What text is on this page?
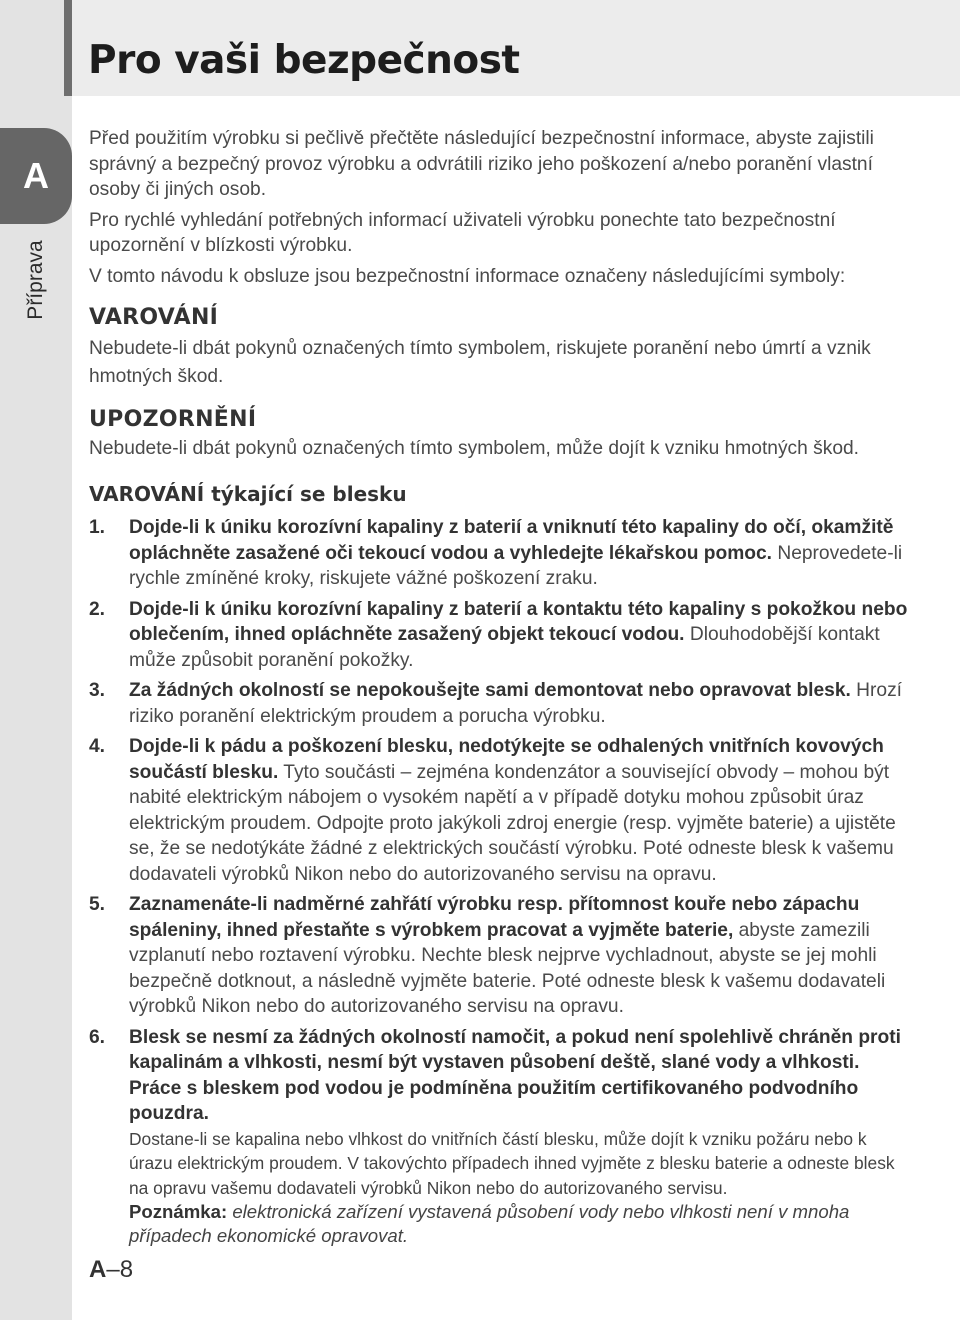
Pro vaši bezpečnost
A
Příprava

Před použitím výrobku si pečlivě přečtěte následující bezpečnostní informace, abyste zajistili správný a bezpečný provoz výrobku a odvrátili riziko jeho poškození a/nebo poranění vlastní osoby či jiných osob.

Pro rychlé vyhledání potřebných informací uživateli výrobku ponechte tato bezpečnostní upozornění v blízkosti výrobku.

V tomto návodu k obsluze jsou bezpečnostní informace označeny následujícími symboly:

VAROVÁNÍ

Nebudete-li dbát pokynů označených tímto symbolem, riskujete poranění nebo úmrtí a vznik hmotných škod.

UPOZORNĚNÍ

Nebudete-li dbát pokynů označených tímto symbolem, může dojít k vzniku hmotných škod.

VAROVÁNÍ týkající se blesku
1. Dojde-li k úniku korozívní kapaliny z baterií a vniknutí této kapaliny do očí, okamžitě opláchněte zasažené oči tekoucí vodou a vyhledejte lékařskou pomoc. Neprovedete-li rychle zmíněné kroky, riskujete vážné poškození zraku.
2. Dojde-li k úniku korozívní kapaliny z baterií a kontaktu této kapaliny s pokožkou nebo oblečením, ihned opláchněte zasažený objekt tekoucí vodou. Dlouhodobější kontakt může způsobit poranění pokožky.
3. Za žádných okolností se nepokoušejte sami demontovat nebo opravovat blesk. Hrozí riziko poranění elektrickým proudem a porucha výrobku.
4. Dojde-li k pádu a poškození blesku, nedotýkejte se odhalených vnitřních kovových součástí blesku. Tyto součásti – zejména kondenzátor a související obvody – mohou být nabité elektrickým nábojem o vysokém napětí a v případě dotyku mohou způsobit úraz elektrickým proudem. Odpojte proto jakýkoli zdroj energie (resp. vyjměte baterie) a ujistěte se, že se nedotýkáte žádné z elektrických součástí výrobku. Poté odneste blesk k vašemu dodavateli výrobků Nikon nebo do autorizovaného servisu na opravu.
5. Zaznamenáte-li nadměrné zahřátí výrobku resp. přítomnost kouře nebo zápachu spáleniny, ihned přestaňte s výrobkem pracovat a vyjměte baterie, abyste zamezili vzplanutí nebo roztavení výrobku. Nechte blesk nejprve vychladnout, abyste se jej mohli bezpečně dotknout, a následně vyjměte baterie. Poté odneste blesk k vašemu dodavateli výrobků Nikon nebo do autorizovaného servisu na opravu.
6. Blesk se nesmí za žádných okolností namočit, a pokud není spolehlivě chráněn proti kapalinám a vlhkosti, nesmí být vystaven působení deště, slané vody a vlhkosti. Práce s bleskem pod vodou je podmíněna použitím certifikovaného podvodního pouzdra.

Dostane-li se kapalina nebo vlhkost do vnitřních částí blesku, může dojít k vzniku požáru nebo k úrazu elektrickým proudem. V takovýchto případech ihned vyjměte z blesku baterie a odneste blesk na opravu vašemu dodavateli výrobků Nikon nebo do autorizovaného servisu.

Poznámka: elektronická zařízení vystavená působení vody nebo vlhkosti není v mnoha případech ekonomické opravovat.

A–8
